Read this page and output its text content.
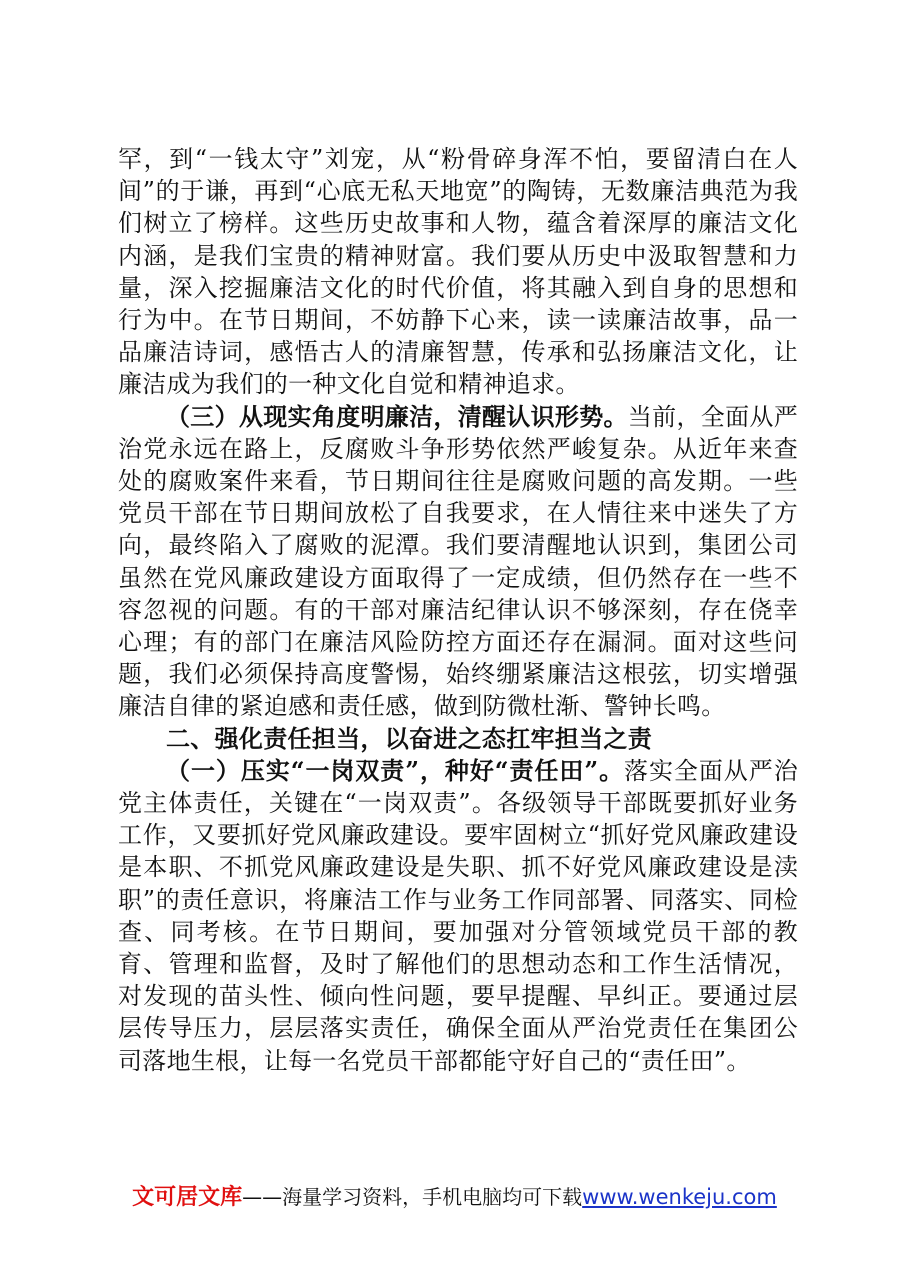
罕，到“一钱太守”刘宠，从“粉骨碎身浑不怕，要留清白在人间”的于谦，再到“心底无私天地宽”的陶铸，无数廉洁典范为我们树立了榜样。这些历史故事和人物，蕴含着深厚的廉洁文化内涵，是我们宝贵的精神财富。我们要从历史中汲取智慧和力量，深入挖掘廉洁文化的时代价值，将其融入到自身的思想和行为中。在节日期间，不妨静下心来，读一读廉洁故事，品一品廉洁诗词，感悟古人的清廉智慧，传承和弘扬廉洁文化，让廉洁成为我们的一种文化自觉和精神追求。

（三）从现实角度明廉洁，清醒认识形势。当前，全面从严治党永远在路上，反腐败斗争形势依然严峻复杂。从近年来查处的腐败案件来看，节日期间往往是腐败问题的高发期。一些党员干部在节日期间放松了自我要求，在人情往来中迷失了方向，最终陷入了腐败的泥潭。我们要清醒地认识到，集团公司虽然在党风廉政建设方面取得了一定成绩，但仍然存在一些不容忽视的问题。有的干部对廉洁纪律认识不够深刻，存在侥幸心理；有的部门在廉洁风险防控方面还存在漏洞。面对这些问题，我们必须保持高度警惕，始终绷紧廉洁这根弦，切实增强廉洁自律的紧迫感和责任感，做到防微杜渐、警钟长鸣。

二、强化责任担当，以奋进之态扛牢担当之责

（一）压实“一岗双责”，种好“责任田”。落实全面从严治党主体责任，关键在“一岗双责”。各级领导干部既要抓好业务工作，又要抓好党风廉政建设。要牢固树立“抓好党风廉政建设是本职、不抓党风廉政建设是失职、抓不好党风廉政建设是渎职”的责任意识，将廉洁工作与业务工作同部署、同落实、同检查、同考核。在节日期间，要加强对分管领域党员干部的教育、管理和监督，及时了解他们的思想动态和工作生活情况，对发现的苗头性、倾向性问题，要早提醒、早纠正。要通过层层传导压力，层层落实责任，确保全面从严治党责任在集团公司落地生根，让每一名党员干部都能守好自己的“责任田”。

文可居文库——海量学习资料，手机电脑均可下载www.wenkeju.com
